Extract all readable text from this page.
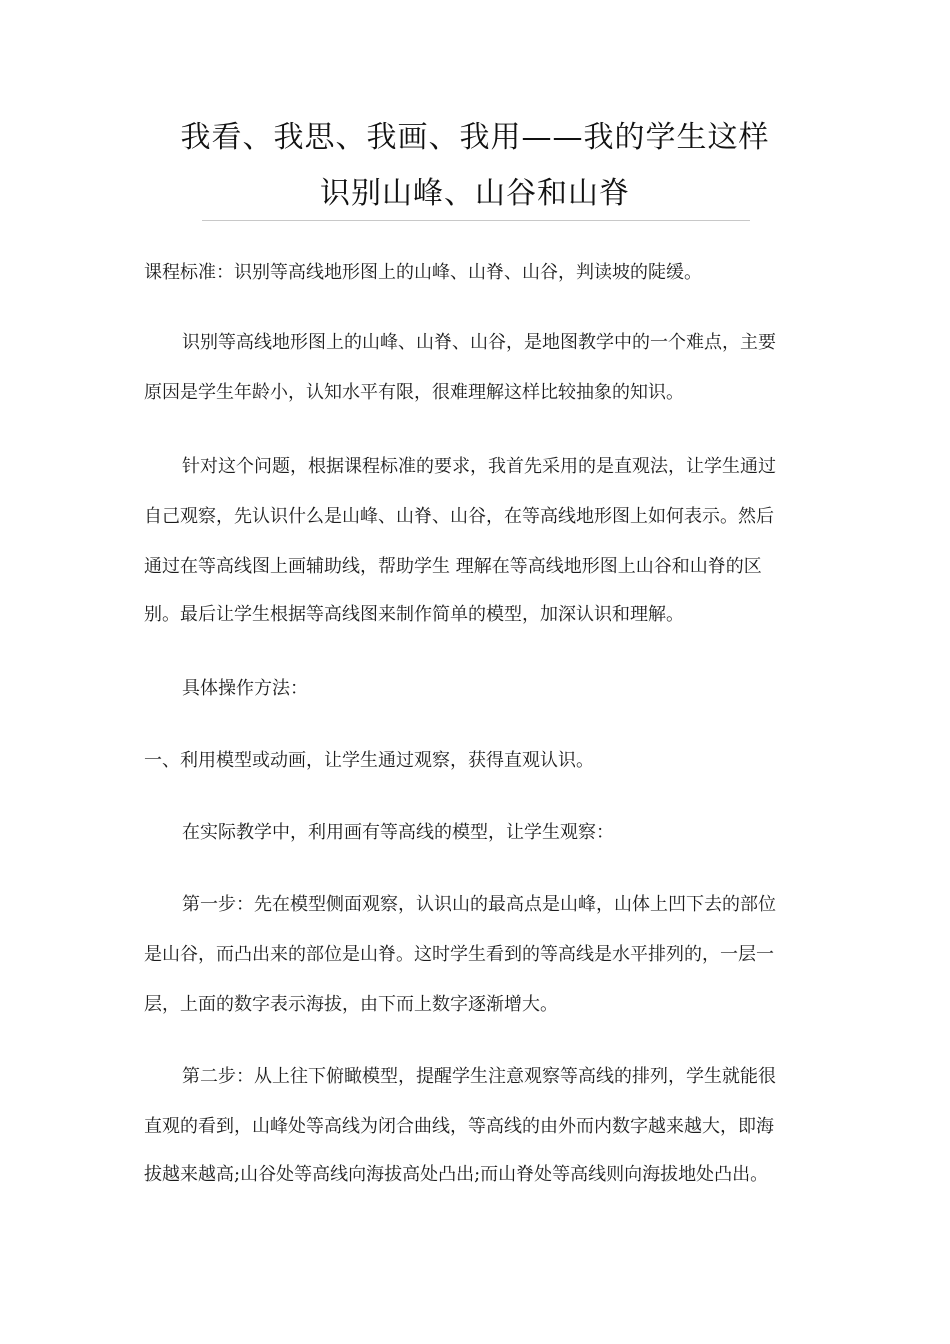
我看、我思、我画、我用——我的学生这样
识别山峰、山谷和山脊
课程标准：识别等高线地形图上的山峰、山脊、山谷，判读坡的陡缓。
识别等高线地形图上的山峰、山脊、山谷，是地图教学中的一个难点，主要
原因是学生年龄小，认知水平有限，很难理解这样比较抽象的知识。
针对这个问题，根据课程标准的要求，我首先采用的是直观法，让学生通过
自己观察，先认识什么是山峰、山脊、山谷，在等高线地形图上如何表示。然后
通过在等高线图上画辅助线，帮助学生 理解在等高线地形图上山谷和山脊的区
别。最后让学生根据等高线图来制作简单的模型，加深认识和理解。
具体操作方法：
一、利用模型或动画，让学生通过观察，获得直观认识。
在实际教学中，利用画有等高线的模型，让学生观察：
第一步：先在模型侧面观察，认识山的最高点是山峰，山体上凹下去的部位
是山谷，而凸出来的部位是山脊。这时学生看到的等高线是水平排列的，一层一
层，上面的数字表示海拔，由下而上数字逐渐增大。
第二步：从上往下俯瞰模型，提醒学生注意观察等高线的排列，学生就能很
直观的看到，山峰处等高线为闭合曲线，等高线的由外而内数字越来越大，即海
拔越来越高;山谷处等高线向海拔高处凸出;而山脊处等高线则向海拔地处凸出。
